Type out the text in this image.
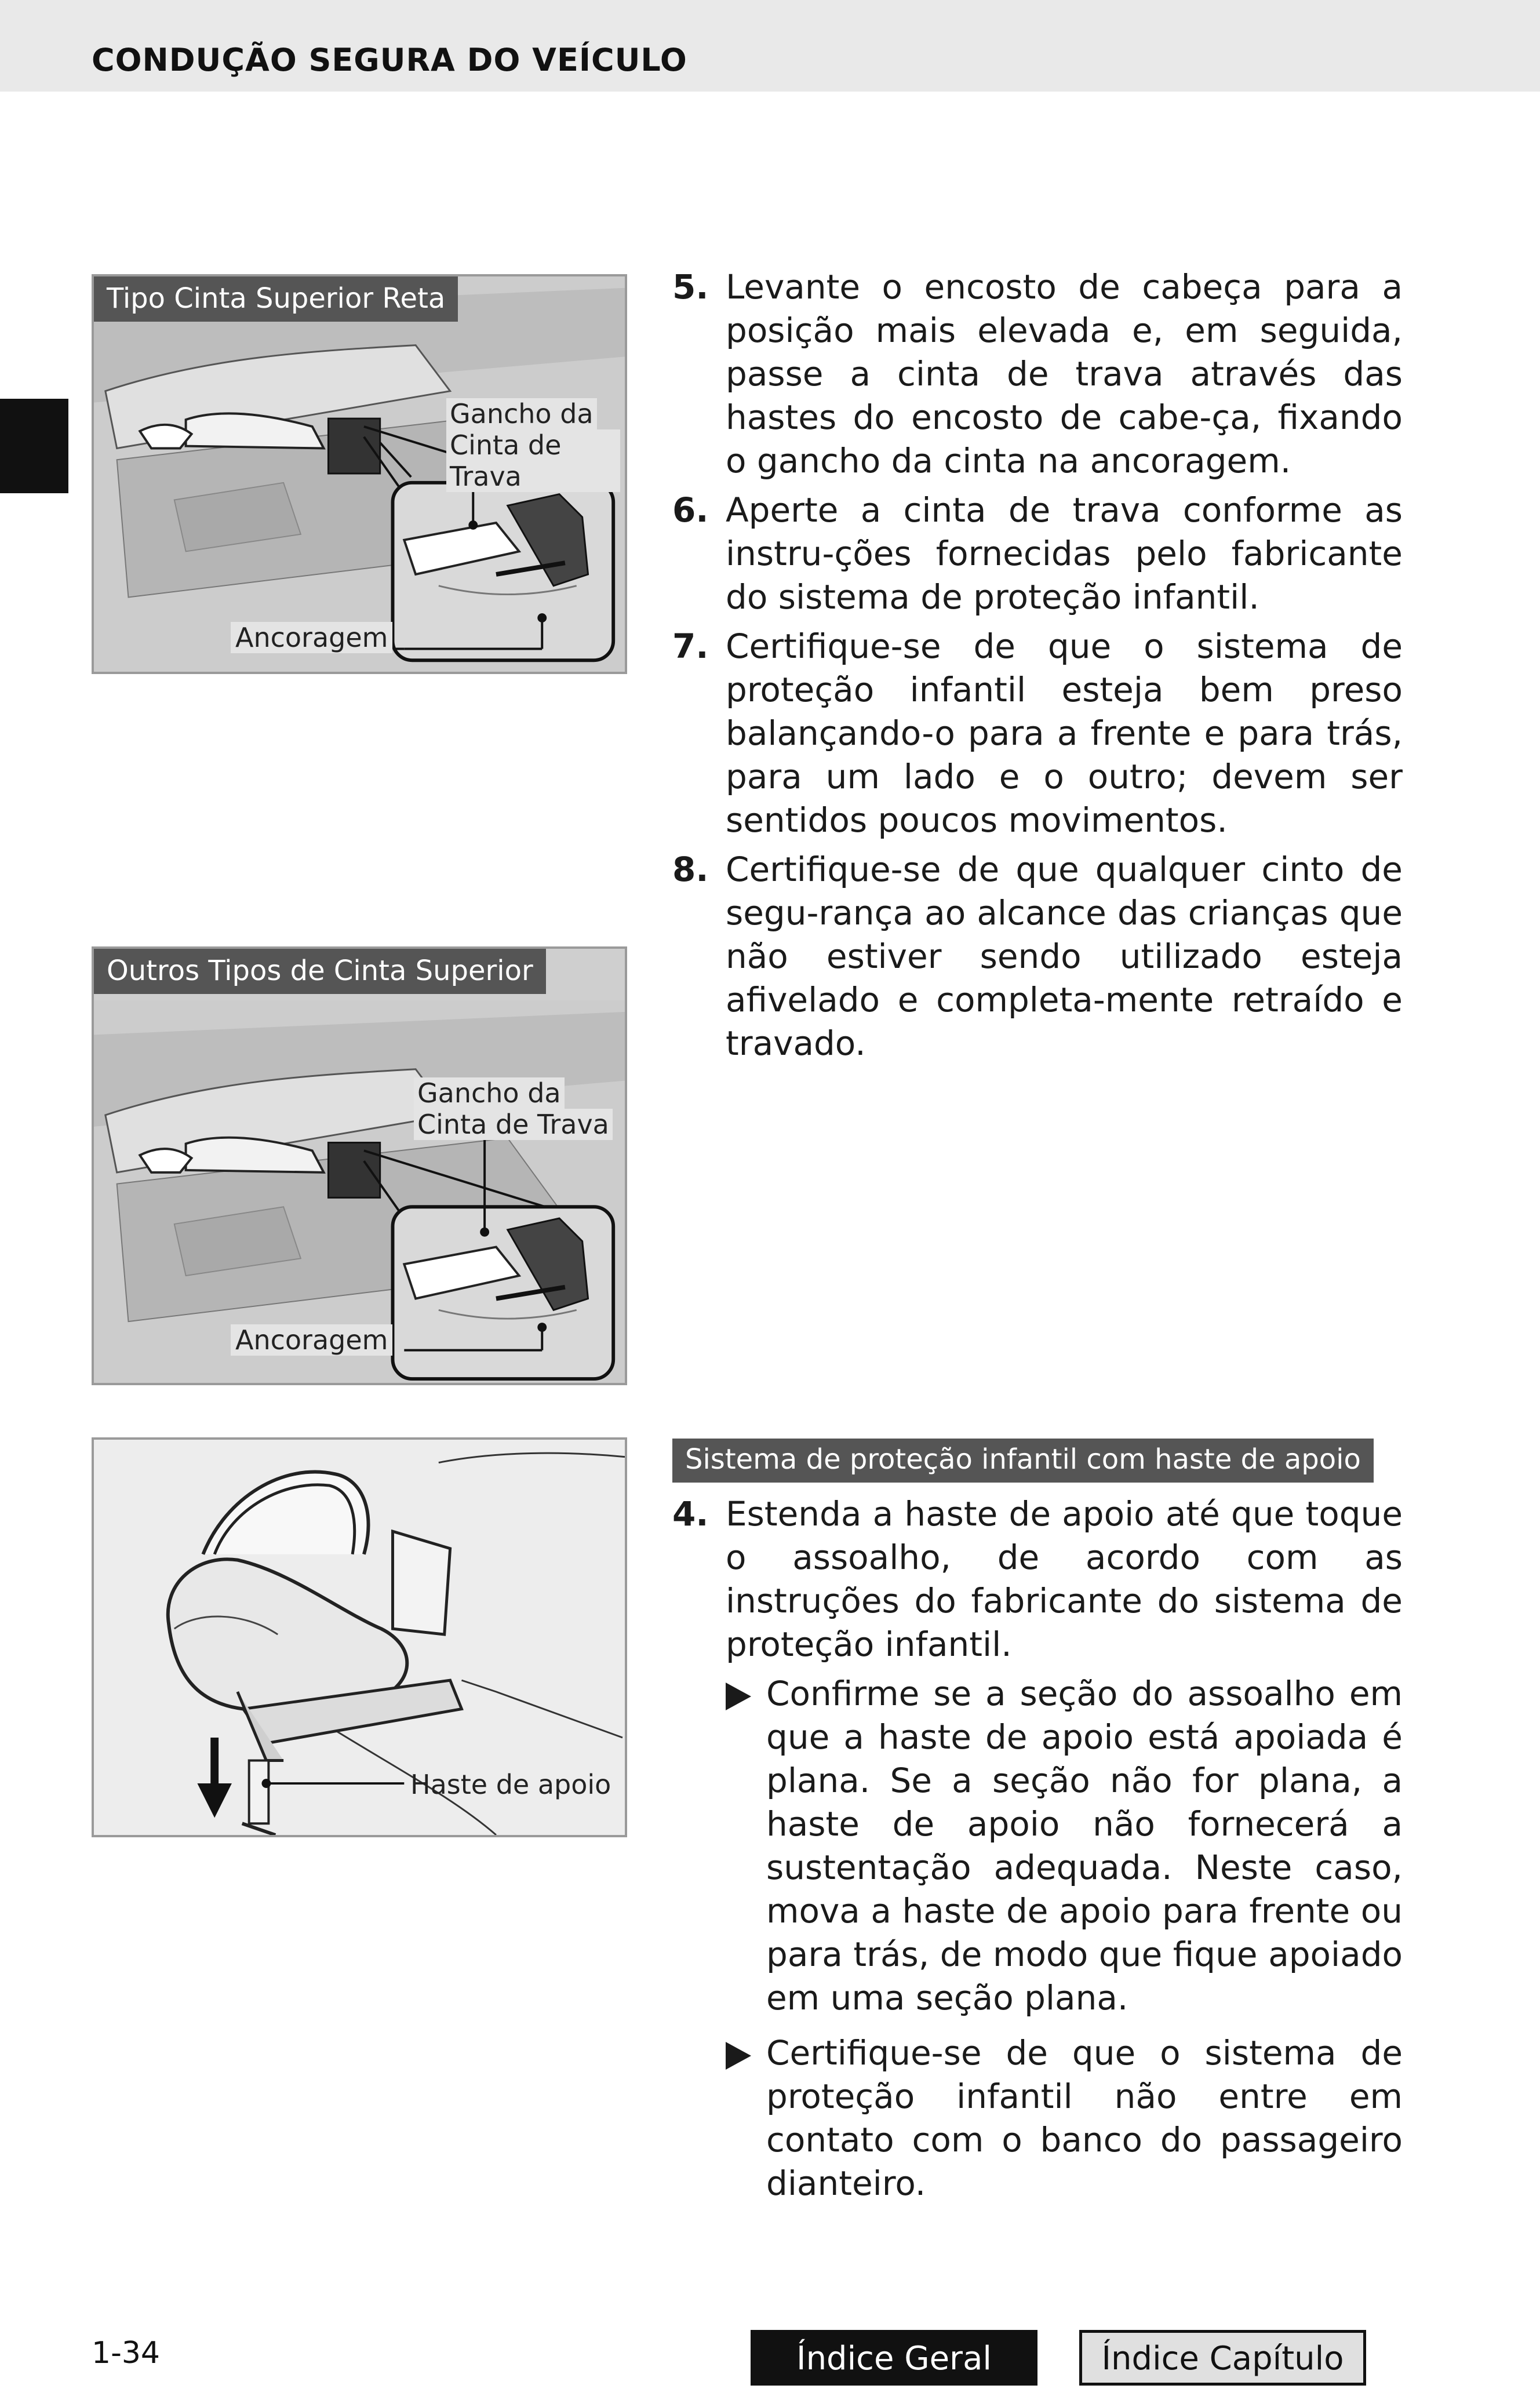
CONDUÇÃO SEGURA DO VEÍCULO
Tipo Cinta Superior Reta
Gancho da
Cinta de Trava
Ancoragem
Outros Tipos de Cinta Superior
Gancho da
Cinta de Trava
Ancoragem
Haste de apoio
5. Levante o encosto de cabeça para a posição mais elevada e, em seguida, passe a cinta de trava através das hastes do encosto de cabe-ça, fixando o gancho da cinta na ancoragem.
6. Aperte a cinta de trava conforme as instru-ções fornecidas pelo fabricante do sistema de proteção infantil.
7. Certifique-se de que o sistema de proteção infantil esteja bem preso balançando-o para a frente e para trás, para um lado e o outro; devem ser sentidos poucos movimentos.
8. Certifique-se de que qualquer cinto de segu-rança ao alcance das crianças que não estiver sendo utilizado esteja afivelado e completa-mente retraído e travado.
Sistema de proteção infantil com haste de apoio
4. Estenda a haste de apoio até que toque o assoalho, de acordo com as instruções do fabricante do sistema de proteção infantil.
Confirme se a seção do assoalho em que a haste de apoio está apoiada é plana. Se a seção não for plana, a haste de apoio não fornecerá a sustentação adequada. Neste caso, mova a haste de apoio para frente ou para trás, de modo que fique apoiado em uma seção plana.
Certifique-se de que o sistema de proteção infantil não entre em contato com o banco do passageiro dianteiro.
1-34	Índice Geral	Índice Capítulo
